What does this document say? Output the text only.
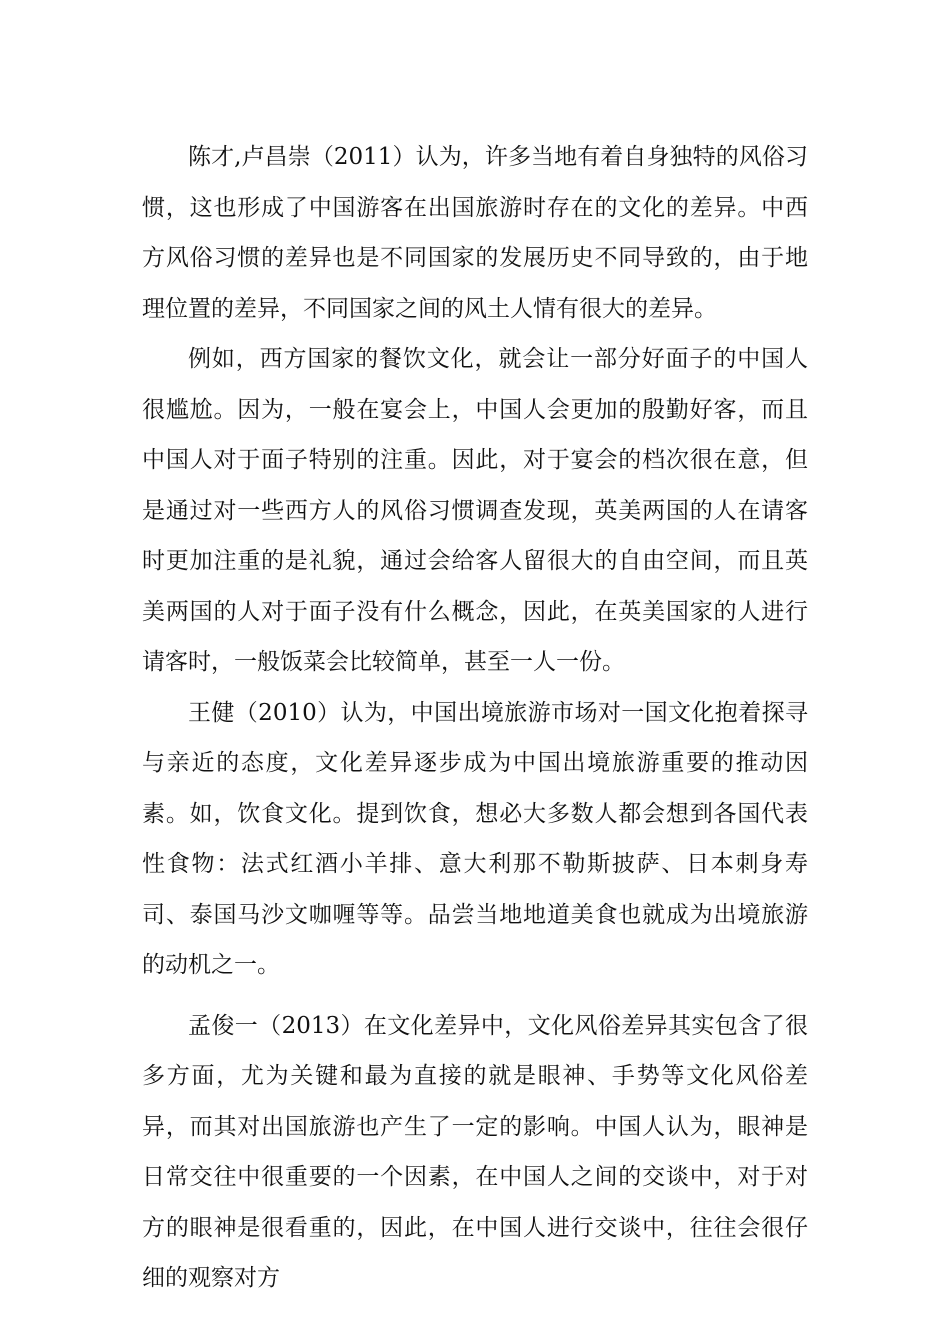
陈才,卢昌崇（2011）认为，许多当地有着自身独特的风俗习惯，这也形成了中国游客在出国旅游时存在的文化的差异。中西方风俗习惯的差异也是不同国家的发展历史不同导致的，由于地理位置的差异，不同国家之间的风土人情有很大的差异。

例如，西方国家的餐饮文化，就会让一部分好面子的中国人很尴尬。因为，一般在宴会上，中国人会更加的殷勤好客，而且中国人对于面子特别的注重。因此，对于宴会的档次很在意，但是通过对一些西方人的风俗习惯调查发现，英美两国的人在请客时更加注重的是礼貌，通过会给客人留很大的自由空间，而且英美两国的人对于面子没有什么概念，因此，在英美国家的人进行请客时，一般饭菜会比较简单，甚至一人一份。

王健（2010）认为，中国出境旅游市场对一国文化抱着探寻与亲近的态度，文化差异逐步成为中国出境旅游重要的推动因素。如，饮食文化。提到饮食，想必大多数人都会想到各国代表性食物：法式红酒小羊排、意大利那不勒斯披萨、日本刺身寿司、泰国马沙文咖喱等等。品尝当地地道美食也就成为出境旅游的动机之一。

孟俊一（2013）在文化差异中，文化风俗差异其实包含了很多方面，尤为关键和最为直接的就是眼神、手势等文化风俗差异，而其对出国旅游也产生了一定的影响。中国人认为，眼神是日常交往中很重要的一个因素，在中国人之间的交谈中，对于对方的眼神是很看重的，因此，在中国人进行交谈中，往往会很仔细的观察对方
